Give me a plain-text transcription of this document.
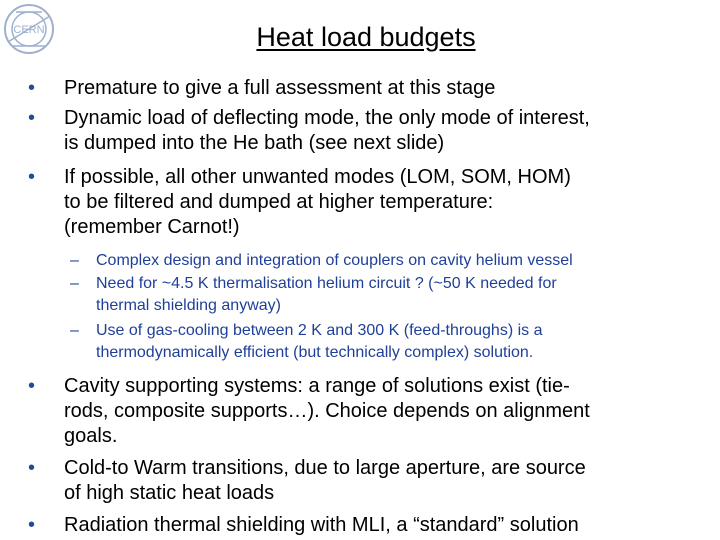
CERN	Heat load budgets
• Premature to give a full assessment at this stage
• Dynamic load of deflecting mode, the only mode of interest,
is dumped into the He bath (see next slide)
• If possible, all other unwanted modes (LOM, SOM, HOM)
to be filtered and dumped at higher temperature:
(remember Carnot!)
– Complex design and integration of couplers on cavity helium vessel
– Need for ~4.5 K thermalisation helium circuit ? (~50 K needed for
thermal shielding anyway)
– Use of gas-cooling between 2 K and 300 K (feed-throughs) is a
thermodynamically efficient (but technically complex) solution.
• Cavity supporting systems: a range of solutions exist (tie-
rods, composite supports…). Choice depends on alignment
goals.
• Cold-to Warm transitions, due to large aperture, are source
of high static heat loads
• Radiation thermal shielding with MLI, a “standard” solution
